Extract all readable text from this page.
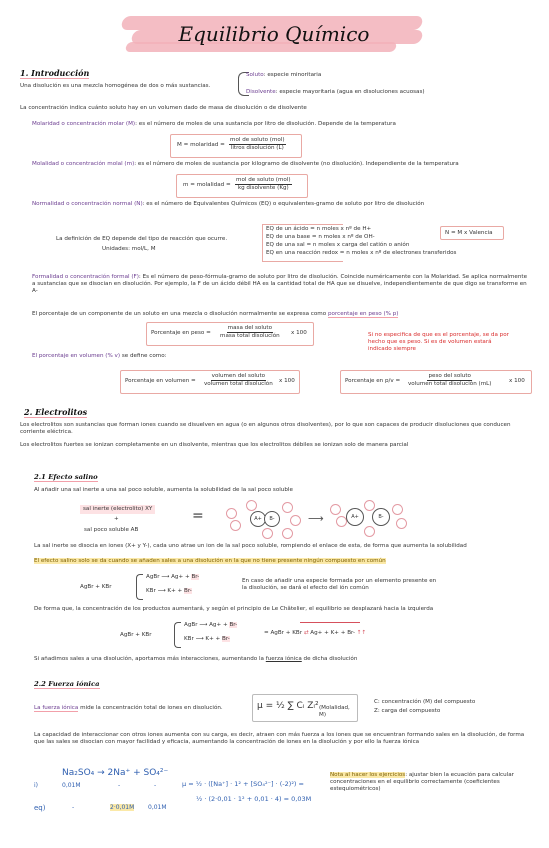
Equilibrio Químico
1. Introducción
Una disolución es una mezcla homogénea de dos o más sustancias.
Soluto: especie minoritaria
Disolvente: especie mayoritaria (agua en disoluciones acuosas)
La concentración indica cuánto soluto hay en un volumen dado de masa de disolución o de disolvente
Molaridad o concentración molar (M): es el número de moles de una sustancia por litro de disolución. Depende de la temperatura
M = molaridad = $\frac{\text{mol de soluto (mol)}}{\text{litros disolución (L)}}$
Molalidad o concentración molal (m): es el número de moles de sustancia por kilogramo de disolvente (no disolución). Independiente de la temperatura
m = molalidad = $\frac{\text{mol de soluto (mol)}}{\text{kg disolvente (Kg)}}$
Normalidad o concentración normal (N): es el número de Equivalentes Químicos (EQ) o equivalentes-gramo de soluto por litro de disolución
La definición de EQ depende del tipo de reacción que ocurre.
Unidades: mol/L, M
EQ de un ácido = n moles x nº de H+
EQ de una base = n moles x nº de OH-
EQ de una sal = n moles x carga del catión o anión
EQ en una reacción redox = n moles x nº de electrones transferidos
N = M x Valencia
Formalidad o concentración formal (F): Es el número de peso-fórmula-gramo de soluto por litro de disolución. Coincide numéricamente con la Molaridad. Se aplica normalmente a sustancias que se disocian en disolución. Por ejemplo, la F de un ácido débil HA es la cantidad total de HA que se disuelve, independientemente de que digo se transforme en A-
El porcentaje de un componente de un soluto en una mezcla o disolución normalmente se expresa como porcentaje en peso (% p)
Porcentaje en peso = $\frac{\text{masa del soluto}}{\text{masa total disolución}}$ x 100	Si no especifica de que es el porcentaje, se da por hecho que es peso. Si es de volumen estará indicado siempre
El porcentaje en volumen (% v) se define como:
Porcentaje en volumen = $\frac{\text{volumen del soluto}}{\text{volumen total disolución}}$ x 100	Porcentaje en $p/v = \frac{\text{peso del soluto}}{\text{volumen total disolución (mL)}}$	x 100
2. Electrolitos
Los electrolitos son sustancias que forman iones cuando se disuelven en agua (o en algunos otros disolventes), por lo que son capaces de producir disoluciones que conducen corriente eléctrica.
Los electrolitos fuertes se ionizan completamente en un disolvente, mientras que los electrolitos débiles se ionizan solo de manera parcial
2.1 Efecto salino
Al añadir una sal inerte a una sal poco soluble, aumenta la solubilidad de la sal poco soluble
sal inerte (electrolito) XY
+
sal poco soluble AB
=	A+	B-	⟶	A+	B-
La sal inerte se disocia en iones (X+ y Y-), cada uno atrae un ion de la sal poco soluble, rompiendo el enlace de esta, de forma que aumenta la solubilidad
El efecto salino solo se da cuando se añaden sales a una disolución en la que no tiene presente ningún compuesto en común
AgBr + KBr
AgBr ⟶ Ag+ + Br-
KBr ⟶ K+ + Br-
En caso de añadir una especie formada por un elemento presente en la disolución, se dará el efecto del ión común
De forma que, la concentración de los productos aumentará, y según el principio de Le Châtelier, el equilibrio se desplazará hacia la izquierda
AgBr + KBr
AgBr ⟶ Ag+ + Br-
KBr ⟶ K+ + Br-
= AgBr + KBr ⇄ Ag+ + K+ + Br- ↑↑
Si añadimos sales a una disolución, aportamos más interacciones, aumentando la fuerza iónica de dicha disolución
2.2 Fuerza iónica
La fuerza iónica mide la concentración total de iones en disolución.	μ = ½ ∑ Cᵢ Zᵢ² (Molalidad, M)
C: concentración (M) del compuesto
Z: carga del compuesto
La capacidad de interaccionar con otros iones aumenta con su carga, es decir, atraen con más fuerza a los iones que se encuentran formando sales en la disolución, de forma que las sales se disocian con mayor facilidad y eficacia, aumentando la concentración de iones en la disolución y por ello la fuerza iónica
Na₂SO₄ → 2Na⁺ + SO₄²⁻
i)	0,01M	-	-
eq)	-	2·0,01M 0,01M
μ = ½ · ([Na⁺] · 1² + [SO₄²⁻] · (-2)²) =
½ · (2·0,01 · 1² + 0,01 · 4) = 0,03M
Nota al hacer los ejercicios: ajustar bien la ecuación para calcular concentraciones en el equilibrio correctamente (coeficientes estequiométricos)
